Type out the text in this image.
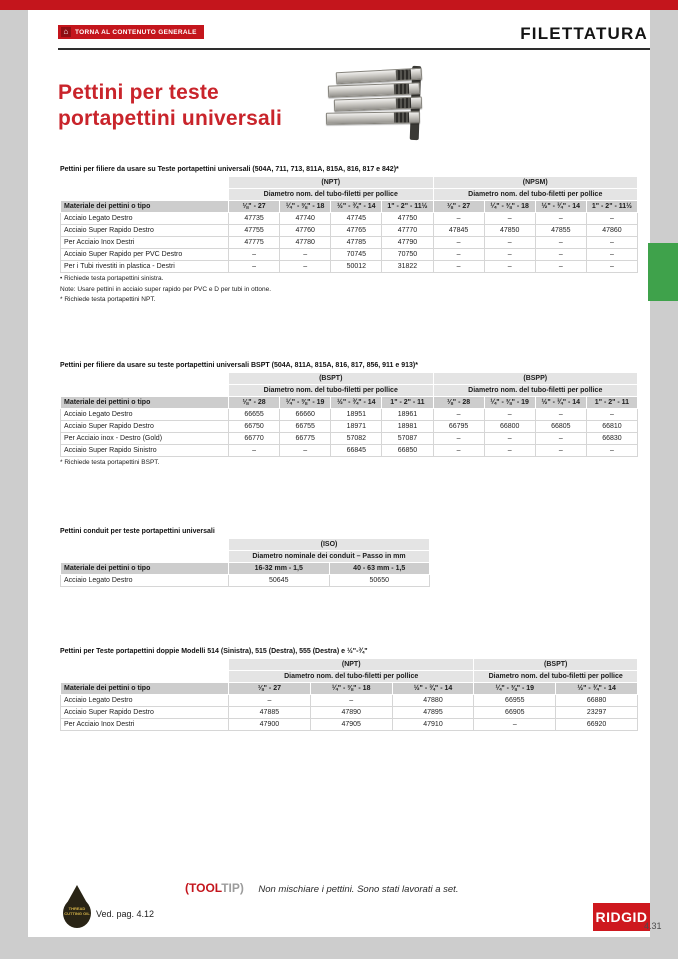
⌂ TORNA AL CONTENUTO GENERALE	FILETTATURA
Pettini per teste
portapettini universali
Pettini per filiere da usare su Teste portapettini universali (504A, 711, 713, 811A, 815A, 816, 817 e 842)*
	(NPT)				(NPSM)			
	Diametro nom. del tubo-filetti per pollice				Diametro nom. del tubo-filetti per pollice			
Materiale dei pettini o tipo	⅛" - 27	¼" - ⅜" - 18	½" - ¾" - 14	1" - 2" - 11½	⅛" - 27	¼" - ⅜" - 18	½" - ¾" - 14	1" - 2" - 11½
Acciaio Legato Destro	47735	47740	47745	47750	–	–	–	–
Acciaio Super Rapido Destro	47755	47760	47765	47770	47845	47850	47855	47860
Per Acciaio Inox Destri	47775	47780	47785	47790	–	–	–	–
Acciaio Super Rapido per PVC Destro	–	–	70745	70750	–	–	–	–
Per i Tubi rivestiti in plastica - Destri	–	–	50012	31822	–	–	–	–
• Richiede testa portapettini sinistra.
Note: Usare pettini in acciaio super rapido per PVC e D per tubi in ottone.
* Richiede testa portapettini NPT.
Pettini per filiere da usare su teste portapettini universali BSPT (504A, 811A, 815A, 816, 817, 856, 911 e 913)*
	(BSPT)				(BSPP)			
	Diametro nom. del tubo-filetti per pollice				Diametro nom. del tubo-filetti per pollice			
Materiale dei pettini o tipo	⅛" - 28	¼" - ⅜" - 19	½" - ¾" - 14	1" - 2" - 11	⅛" - 28	¼" - ⅜" - 19	½" - ¾" - 14	1" - 2" - 11
Acciaio Legato Destro	66655	66660	18951	18961	–	–	–	–
Acciaio Super Rapido Destro	66750	66755	18971	18981	66795	66800	66805	66810
Per Acciaio inox - Destro (Gold)	66770	66775	57082	57087	–	–	–	66830
Acciaio Super Rapido Sinistro	–	–	66845	66850	–	–	–	–
* Richiede testa portapettini BSPT.
Pettini conduit per teste portapettini universali
	(ISO)	
	Diametro nominale dei conduit – Passo in mm	
Materiale dei pettini o tipo	16-32 mm - 1,5	40 - 63 mm - 1,5
Acciaio Legato Destro	50645	50650
Pettini per Teste portapettini doppie Modelli 514 (Sinistra), 515 (Destra), 555 (Destra) e ½"-¾"
	(NPT)			(BSPT)	
	Diametro nom. del tubo-filetti per pollice			Diametro nom. del tubo-filetti per pollice	
Materiale dei pettini o tipo	⅛" - 27	¼" - ⅜" - 18	½" - ¾" - 14	¼" - ⅜" - 19	½" - ¾" - 14
Acciaio Legato Destro	–	–	47880	66955	66880
Acciaio Super Rapido Destro	47885	47890	47895	66905	23297
Per Acciaio Inox Destri	47900	47905	47910	–	66920
(TOOLTIP) Non mischiare i pettini. Sono stati lavorati a set.
THREAD CUTTING OIL Ved. pag. 4.12	RIDGID
4.31
